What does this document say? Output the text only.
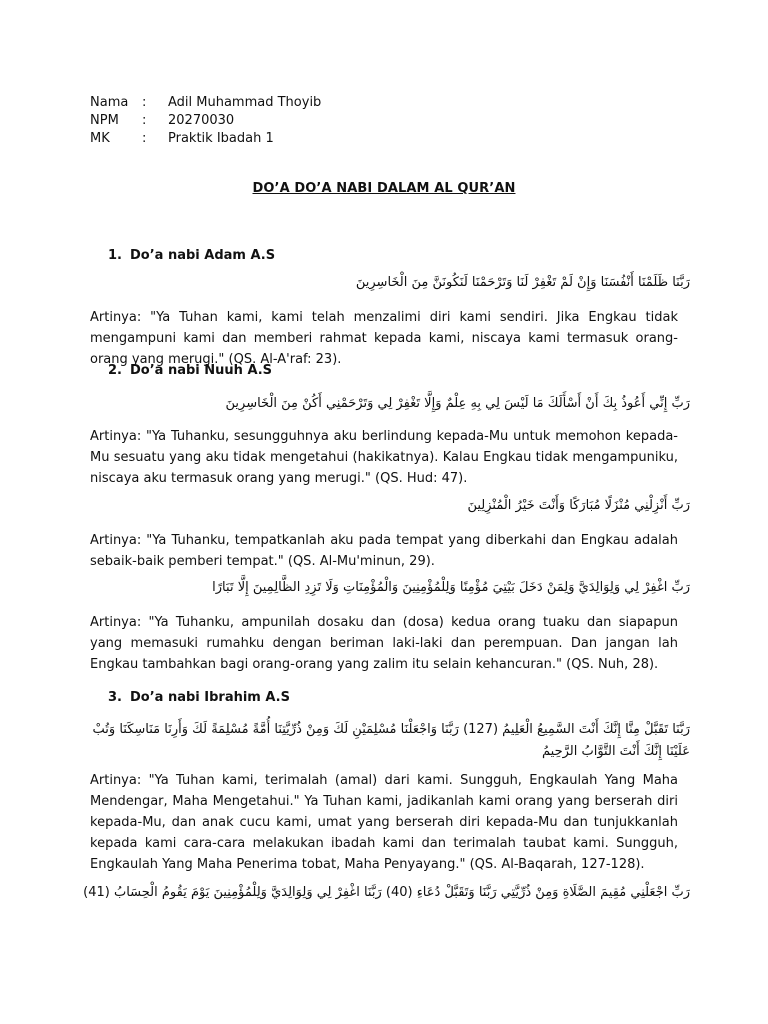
Nama	:	Adil Muhammad Thoyib
NPM	:	20270030
MK	:	Praktik Ibadah 1
DO’A DO’A NABI DALAM AL QUR’AN
1. Do’a nabi Adam A.S
رَبَّنَا ظَلَمْنَا أَنْفُسَنَا وَإِنْ لَمْ تَغْفِرْ لَنَا وَتَرْحَمْنَا لَنَكُونَنَّ مِنَ الْخَاسِرِينَ
Artinya: "Ya Tuhan kami, kami telah menzalimi diri kami sendiri. Jika Engkau tidak mengampuni kami dan memberi rahmat kepada kami, niscaya kami termasuk orang-orang yang merugi." (QS. Al-A'raf: 23).
2. Do’a nabi Nuuh A.S
رَبِّ إِنِّي أَعُوذُ بِكَ أَنْ أَسْأَلَكَ مَا لَيْسَ لِي بِهِ عِلْمٌ وَإِلَّا تَغْفِرْ لِي وَتَرْحَمْنِي أَكُنْ مِنَ الْخَاسِرِينَ
Artinya: "Ya Tuhanku, sesungguhnya aku berlindung kepada-Mu untuk memohon kepada-Mu sesuatu yang aku tidak mengetahui (hakikatnya). Kalau Engkau tidak mengampuniku, niscaya aku termasuk orang yang merugi." (QS. Hud: 47).
رَبِّ أَنْزِلْنِي مُنْزَلًا مُبَارَكًا وَأَنْتَ خَيْرُ الْمُنْزِلِينَ
Artinya: "Ya Tuhanku, tempatkanlah aku pada tempat yang diberkahi dan Engkau adalah sebaik-baik pemberi tempat." (QS. Al-Mu'minun, 29).
رَبِّ اغْفِرْ لِي وَلِوَالِدَيَّ وَلِمَنْ دَخَلَ بَيْتِيَ مُؤْمِنًا وَلِلْمُؤْمِنِينَ وَالْمُؤْمِنَاتِ وَلَا تَزِدِ الظَّالِمِينَ إِلَّا تَبَارًا
Artinya: "Ya Tuhanku, ampunilah dosaku dan (dosa) kedua orang tuaku dan siapapun yang memasuki rumahku dengan beriman laki-laki dan perempuan. Dan jangan lah Engkau tambahkan bagi orang-orang yang zalim itu selain kehancuran." (QS. Nuh, 28).
3. Do’a nabi Ibrahim A.S
رَبَّنَا تَقَبَّلْ مِنَّا إِنَّكَ أَنْتَ السَّمِيعُ الْعَلِيمُ (127) رَبَّنَا وَاجْعَلْنَا مُسْلِمَيْنِ لَكَ وَمِنْ ذُرِّيَّتِنَا أُمَّةً مُسْلِمَةً لَكَ وَأَرِنَا مَنَاسِكَنَا وَتُبْ عَلَيْنَا إِنَّكَ أَنْتَ التَّوَّابُ الرَّحِيمُ
Artinya: "Ya Tuhan kami, terimalah (amal) dari kami. Sungguh, Engkaulah Yang Maha Mendengar, Maha Mengetahui." Ya Tuhan kami, jadikanlah kami orang yang berserah diri kepada-Mu, dan anak cucu kami, umat yang berserah diri kepada-Mu dan tunjukkanlah kepada kami cara-cara melakukan ibadah kami dan terimalah taubat kami. Sungguh, Engkaulah Yang Maha Penerima tobat, Maha Penyayang." (QS. Al-Baqarah, 127-128).
رَبِّ اجْعَلْنِي مُقِيمَ الصَّلَاةِ وَمِنْ ذُرِّيَّتِي رَبَّنَا وَتَقَبَّلْ دُعَاءِ (40) رَبَّنَا اغْفِرْ لِي وَلِوَالِدَيَّ وَلِلْمُؤْمِنِينَ يَوْمَ يَقُومُ الْحِسَابُ (41)
